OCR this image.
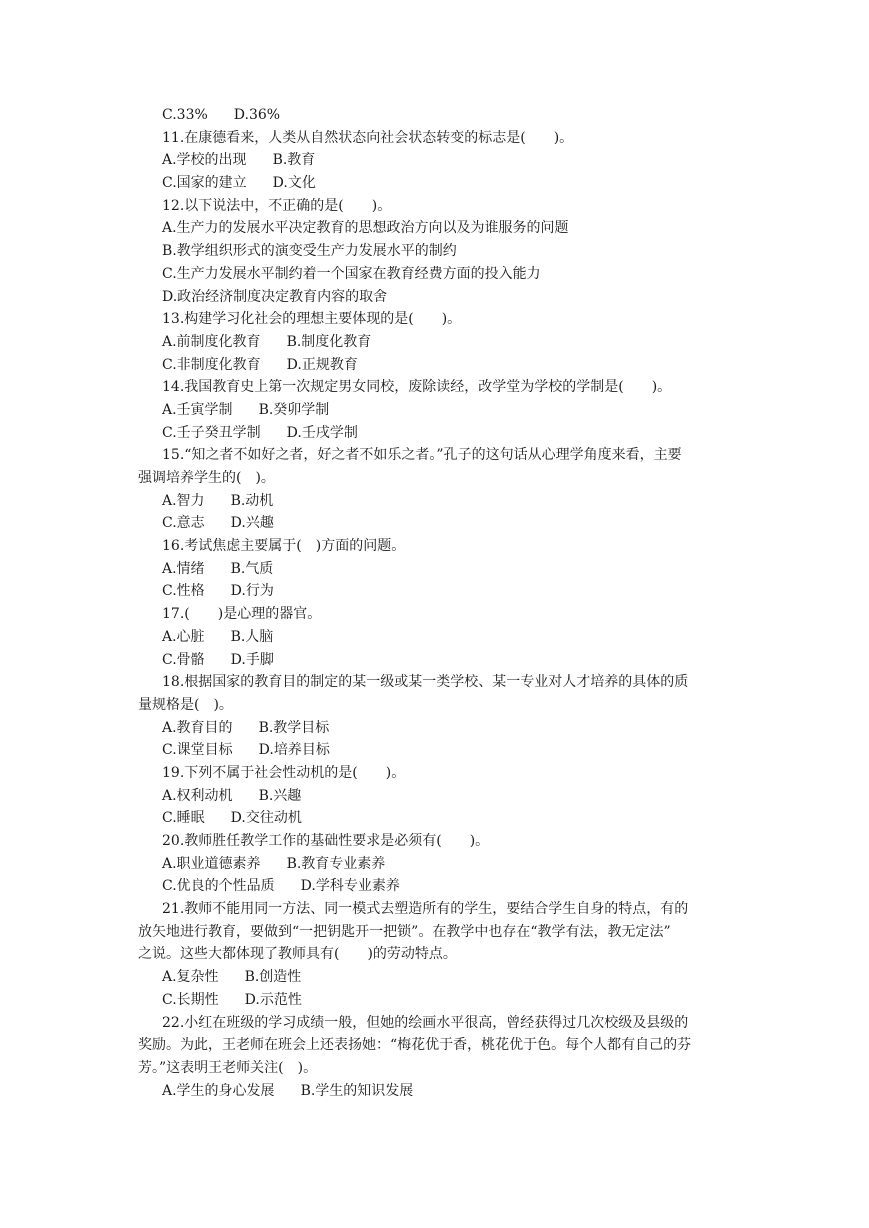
C.33% D.36%
11.在康德看来，人类从自然状态向社会状态转变的标志是(　　)。
A.学校的出现 B.教育
C.国家的建立 D.文化
12.以下说法中，不正确的是(　　)。
A.生产力的发展水平决定教育的思想政治方向以及为谁服务的问题
B.教学组织形式的演变受生产力发展水平的制约
C.生产力发展水平制约着一个国家在教育经费方面的投入能力
D.政治经济制度决定教育内容的取舍
13.构建学习化社会的理想主要体现的是(　　)。
A.前制度化教育 B.制度化教育
C.非制度化教育 D.正规教育
14.我国教育史上第一次规定男女同校，废除读经，改学堂为学校的学制是(　　)。
A.壬寅学制 B.癸卯学制
C.壬子癸丑学制 D.壬戌学制
15.“知之者不如好之者，好之者不如乐之者。”孔子的这句话从心理学角度来看，主要
强调培养学生的(　)。
A.智力 B.动机
C.意志 D.兴趣
16.考试焦虑主要属于(　)方面的问题。
A.情绪 B.气质
C.性格 D.行为
17.(　　)是心理的器官。
A.心脏 B.人脑
C.骨骼 D.手脚
18.根据国家的教育目的制定的某一级或某一类学校、某一专业对人才培养的具体的质
量规格是(　)。
A.教育目的 B.教学目标
C.课堂目标 D.培养目标
19.下列不属于社会性动机的是(　　)。
A.权利动机 B.兴趣
C.睡眠 D.交往动机
20.教师胜任教学工作的基础性要求是必须有(　　)。
A.职业道德素养 B.教育专业素养
C.优良的个性品质 D.学科专业素养
21.教师不能用同一方法、同一模式去塑造所有的学生，要结合学生自身的特点，有的
放矢地进行教育，要做到“一把钥匙开一把锁”。在教学中也存在“教学有法，教无定法”
之说。这些大都体现了教师具有(　　)的劳动特点。
A.复杂性 B.创造性
C.长期性 D.示范性
22.小红在班级的学习成绩一般，但她的绘画水平很高，曾经获得过几次校级及县级的
奖励。为此，王老师在班会上还表扬她：“梅花优于香，桃花优于色。每个人都有自己的芬
芳。”这表明王老师关注(　)。
A.学生的身心发展 B.学生的知识发展
